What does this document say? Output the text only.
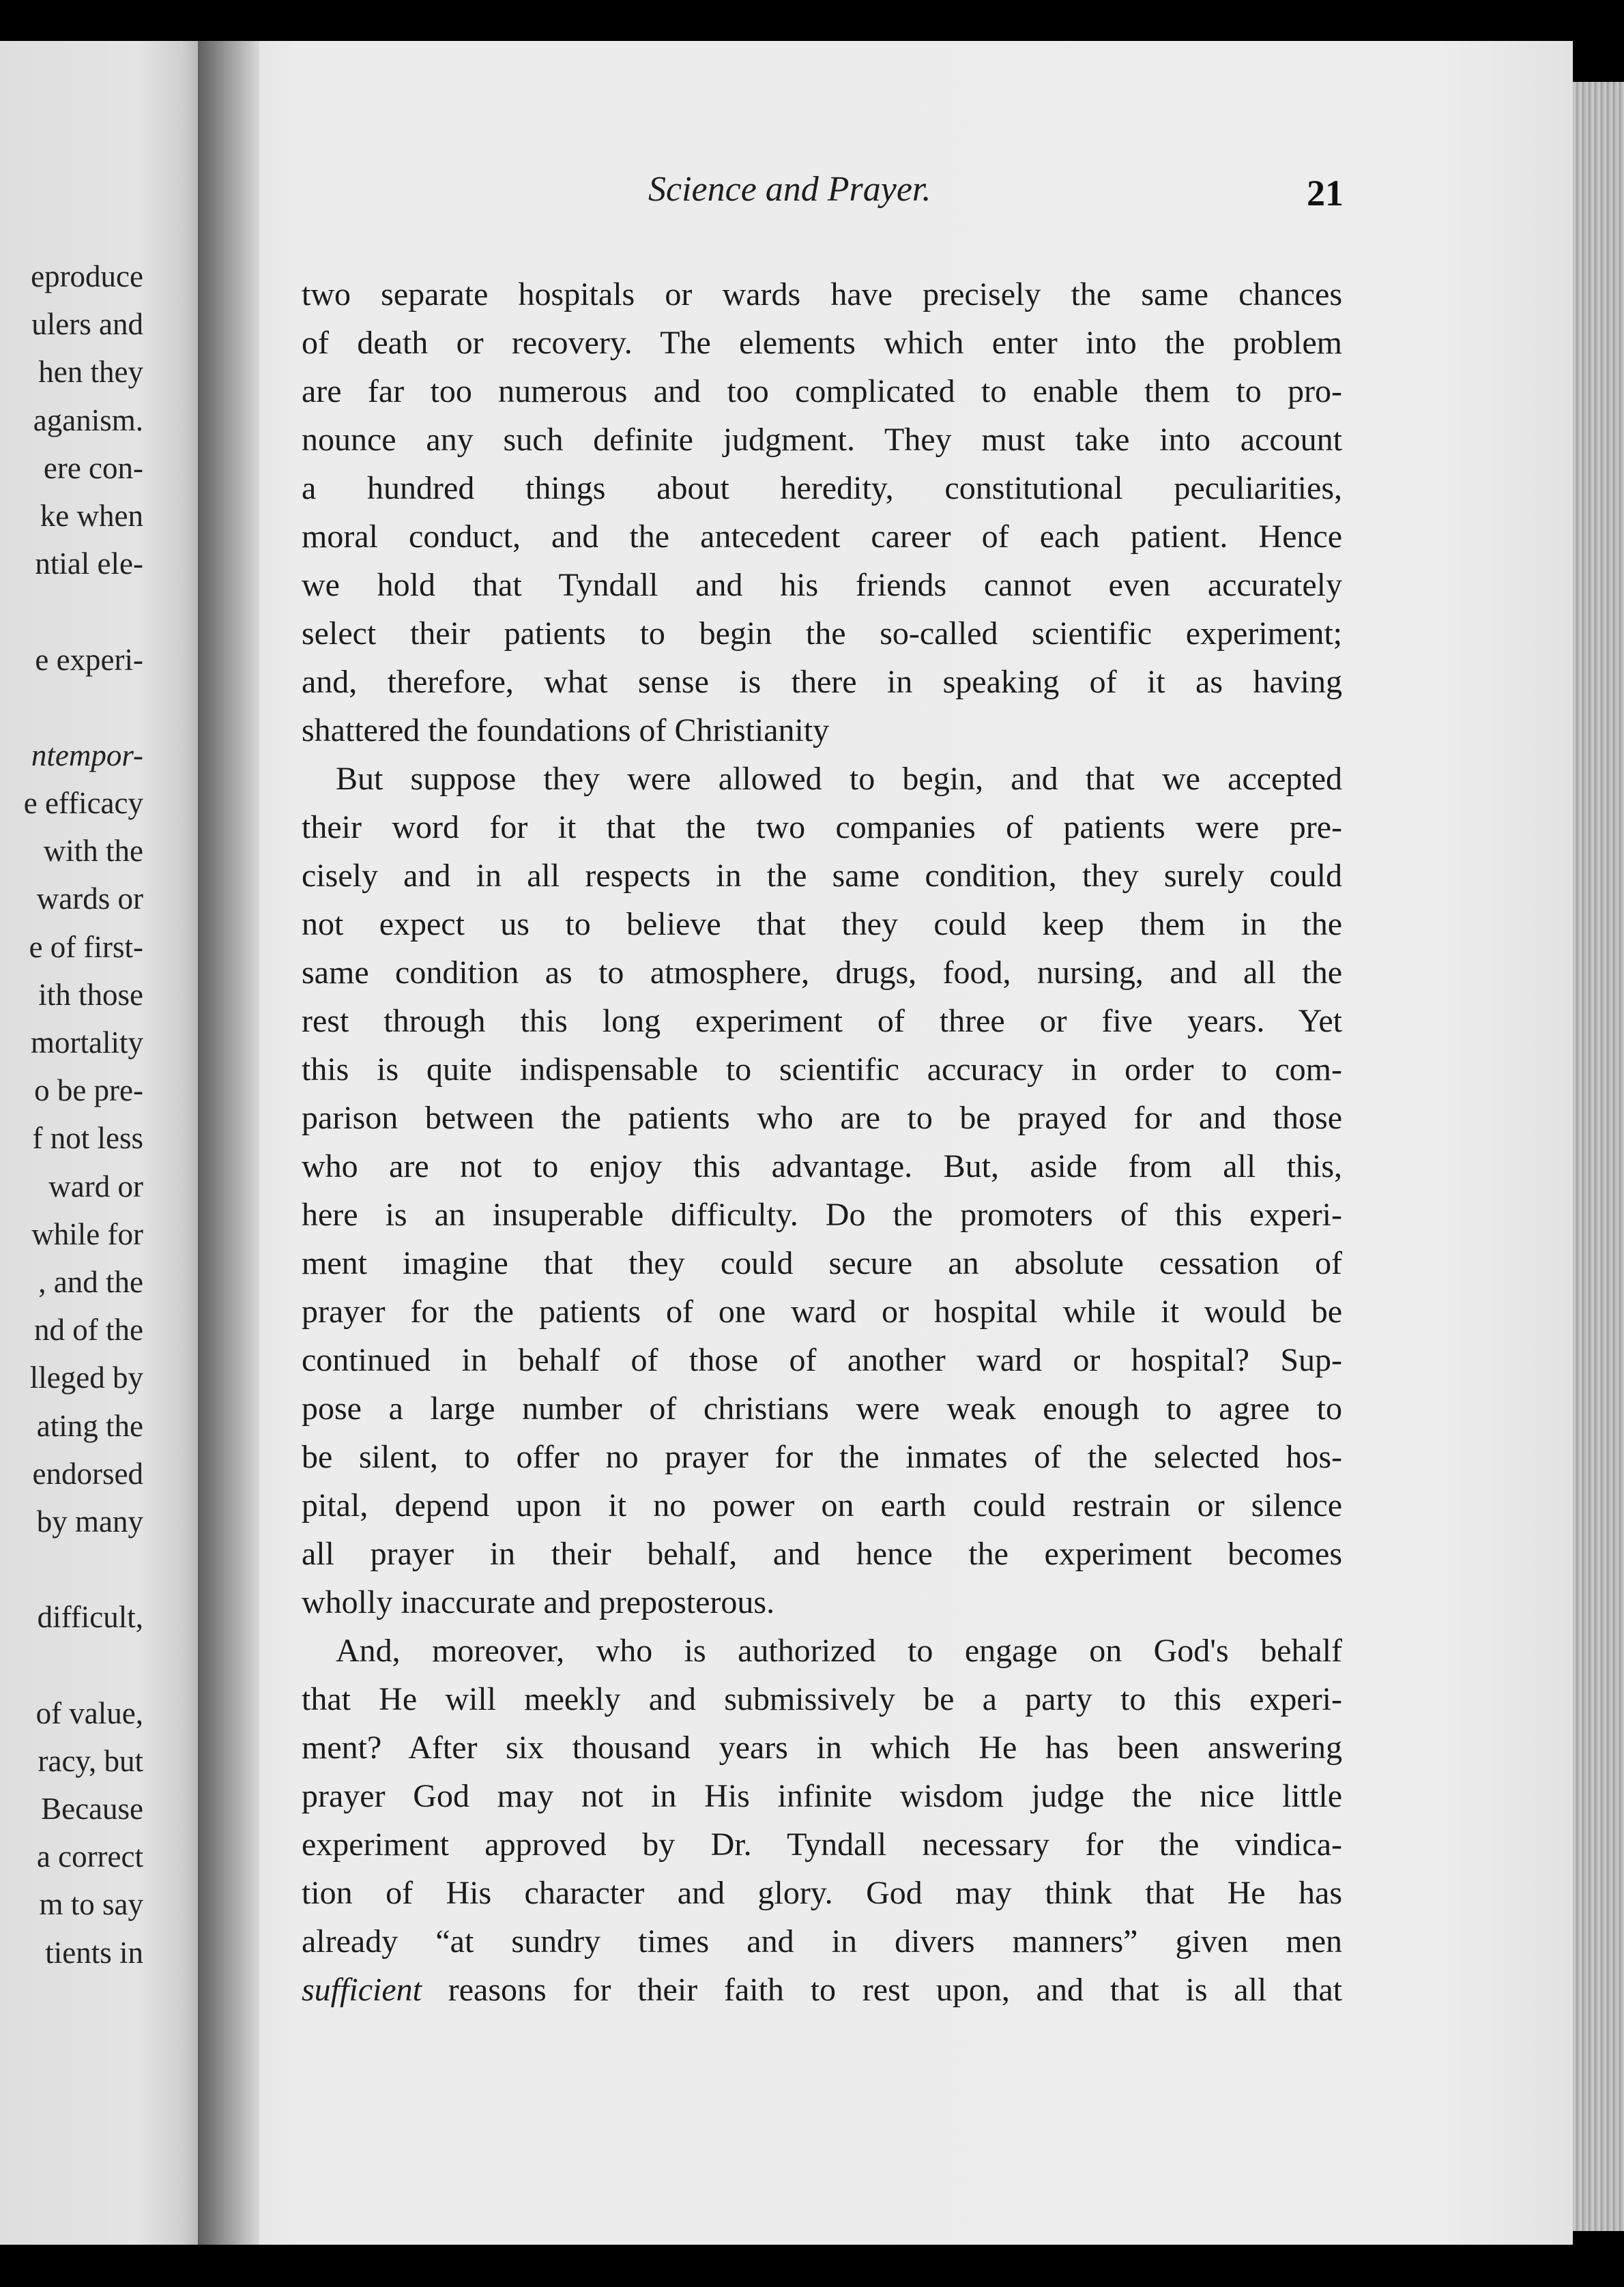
eproduce
ulers and
hen they
aganism.
ere con-
ke when
ntial ele-
e experi-
ntempor-
e efficacy
with the
wards or
e of first-
ith those
mortality
o be pre-
f not less
ward or
while for
, and the
nd of the
lleged by
ating the
endorsed
by many
difficult,
of value,
racy, but
Because
a correct
m to say
tients in
Science and Prayer.	21
two separate hospitals or wards have precisely the same chances
of death or recovery. The elements which enter into the problem
are far too numerous and too complicated to enable them to pro-
nounce any such definite judgment. They must take into account
a hundred things about heredity, constitutional peculiarities,
moral conduct, and the antecedent career of each patient. Hence
we hold that Tyndall and his friends cannot even accurately
select their patients to begin the so-called scientific experiment;
and, therefore, what sense is there in speaking of it as having
shattered the foundations of Christianity
But suppose they were allowed to begin, and that we accepted
their word for it that the two companies of patients were pre-
cisely and in all respects in the same condition, they surely could
not expect us to believe that they could keep them in the
same condition as to atmosphere, drugs, food, nursing, and all the
rest through this long experiment of three or five years. Yet
this is quite indispensable to scientific accuracy in order to com-
parison between the patients who are to be prayed for and those
who are not to enjoy this advantage. But, aside from all this,
here is an insuperable difficulty. Do the promoters of this experi-
ment imagine that they could secure an absolute cessation of
prayer for the patients of one ward or hospital while it would be
continued in behalf of those of another ward or hospital? Sup-
pose a large number of christians were weak enough to agree to
be silent, to offer no prayer for the inmates of the selected hos-
pital, depend upon it no power on earth could restrain or silence
all prayer in their behalf, and hence the experiment becomes
wholly inaccurate and preposterous.
And, moreover, who is authorized to engage on God's behalf
that He will meekly and submissively be a party to this experi-
ment? After six thousand years in which He has been answering
prayer God may not in His infinite wisdom judge the nice little
experiment approved by Dr. Tyndall necessary for the vindica-
tion of His character and glory. God may think that He has
already “at sundry times and in divers manners” given men
sufficient reasons for their faith to rest upon, and that is all that
